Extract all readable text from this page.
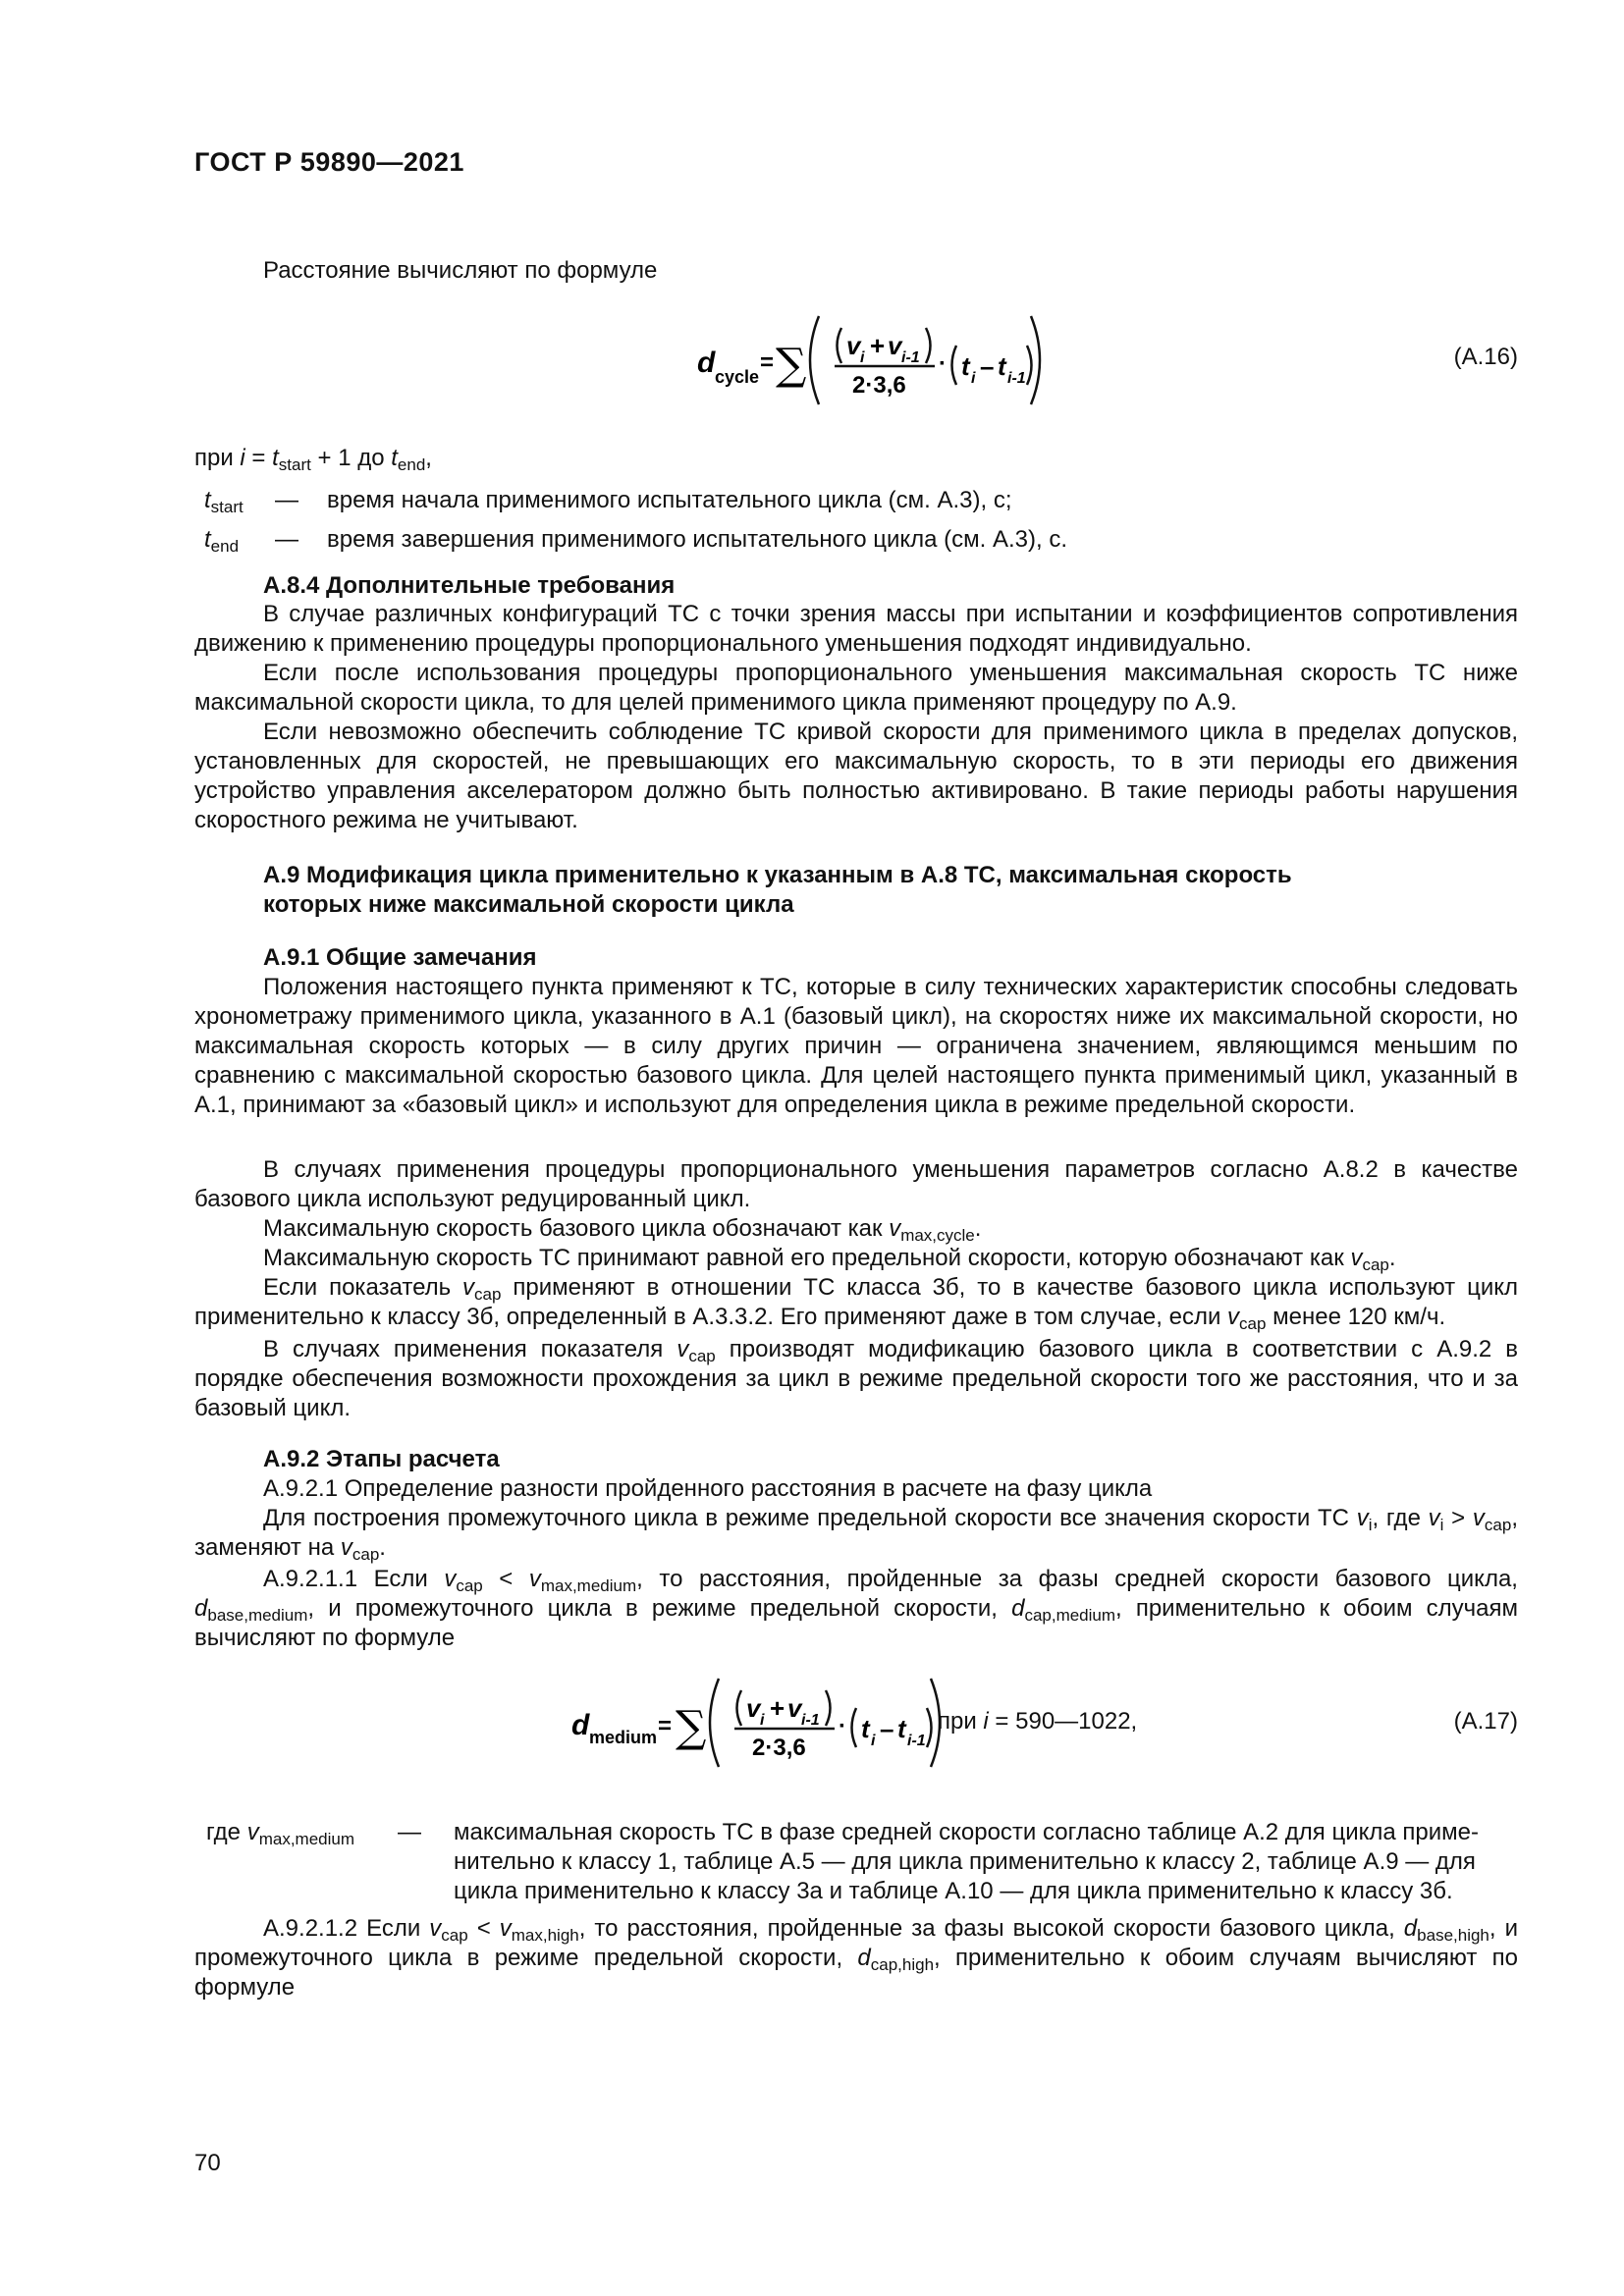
ГОСТ Р 59890—2021
Расстояние вычисляют по формуле
d cycle
= ∑ v i + v i-1
2·3,6
· t i – t i-1
(А.16)
при $i = t_{start} + 1$ до $t_{end}$,
$t_{start}$ — время начала применимого испытательного цикла (см. А.3), с;
$t_{end}$ — время завершения применимого испытательного цикла (см. А.3), с.
А.8.4 Дополнительные требования

В случае различных конфигураций ТС с точки зрения массы при испытании и коэффициентов сопротивления движению к применению процедуры пропорционального уменьшения подходят индивидуально.

Если после использования процедуры пропорционального уменьшения максимальная скорость ТС ниже максимальной скорости цикла, то для целей применимого цикла применяют процедуру по А.9.

Если невозможно обеспечить соблюдение ТС кривой скорости для применимого цикла в пределах допусков, установленных для скоростей, не превышающих его максимальную скорость, то в эти периоды его движения устройство управления акселератором должно быть полностью активировано. В такие периоды работы нарушения скоростного режима не учитывают.

А.9 Модификация цикла применительно к указанным в А.8 ТС, максимальная скорость
которых ниже максимальной скорости цикла
А.9.1 Общие замечания

Положения настоящего пункта применяют к ТС, которые в силу технических характеристик способны следовать хронометражу применимого цикла, указанного в А.1 (базовый цикл), на скоростях ниже их максимальной скорости, но максимальная скорость которых — в силу других причин — ограничена значением, являющимся меньшим по сравнению с максимальной скоростью базового цикла. Для целей настоящего пункта применимый цикл, указанный в А.1, принимают за «базовый цикл» и используют для определения цикла в режиме предельной скорости.

В случаях применения процедуры пропорционального уменьшения параметров согласно А.8.2 в качестве базового цикла используют редуцированный цикл.

Максимальную скорость базового цикла обозначают как $v_{max,cycle}$.

Максимальную скорость ТС принимают равной его предельной скорости, которую обозначают как $v_{cap}$.

Если показатель $v_{cap}$ применяют в отношении ТС класса 3б, то в качестве базового цикла используют цикл применительно к классу 3б, определенный в А.3.3.2. Его применяют даже в том случае, если $v_{cap}$ менее 120 км/ч.

В случаях применения показателя $v_{cap}$ производят модификацию базового цикла в соответствии с А.9.2 в порядке обеспечения возможности прохождения за цикл в режиме предельной скорости того же расстояния, что и за базовый цикл.

А.9.2 Этапы расчета

А.9.2.1 Определение разности пройденного расстояния в расчете на фазу цикла

Для построения промежуточного цикла в режиме предельной скорости все значения скорости ТС $v_i$, где $v_i > v_{cap}$, заменяют на $v_{cap}$.

А.9.2.1.1 Если $v_{cap} < v_{max,medium}$, то расстояния, пройденные за фазы средней скорости базового цикла, $d_{base,medium}$, и промежуточного цикла в режиме предельной скорости, $d_{cap,medium}$, применительно к обоим случаям вычисляют по формуле

d medium = ∑ v i + v i-1
2·3,6
· t i – t i-1
при i = 590—1022,	(А.17)
где $v_{max,medium}$ — максимальная скорость ТС в фазе средней скорости согласно таблице А.2 для цикла приме-
нительно к классу 1, таблице А.5 — для цикла применительно к классу 2, таблице А.9 — для
цикла применительно к классу 3а и таблице А.10 — для цикла применительно к классу 3б.

А.9.2.1.2 Если $v_{cap} < v_{max,high}$, то расстояния, пройденные за фазы высокой скорости базового цикла, $d_{base,high}$, и промежуточного цикла в режиме предельной скорости, $d_{cap,high}$, применительно к обоим случаям вычисляют по формуле

70
